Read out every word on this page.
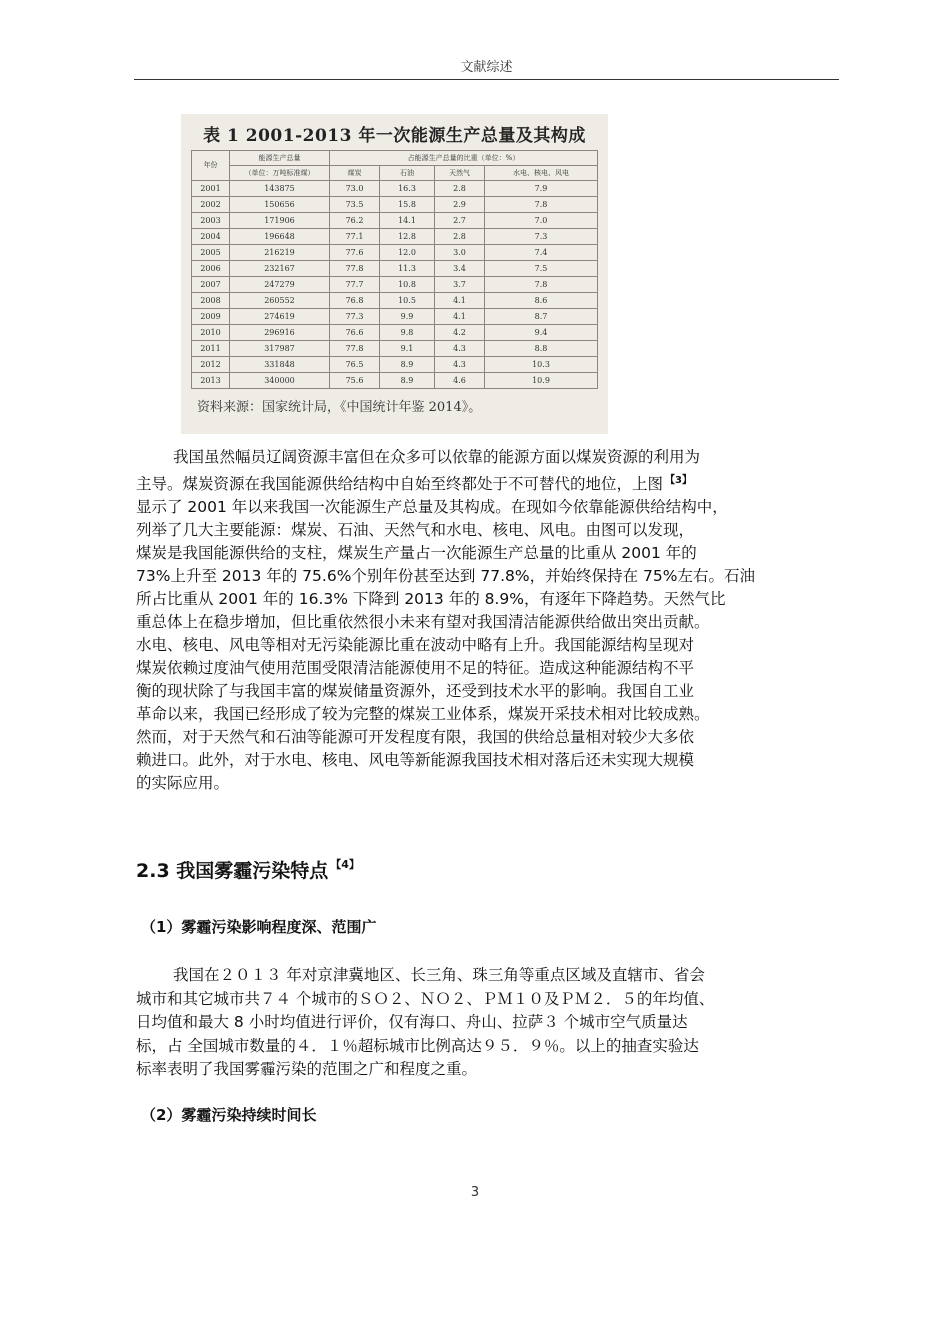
文献综述
表 1 2001-2013 年一次能源生产总量及其构成
年份	能源生产总量	占能源生产总量的比重（单位：%）			
	（单位：万吨标准煤）	煤炭	石油	天然气	水电、核电、风电
2001	143875	73.0	16.3	2.8	7.9
2002	150656	73.5	15.8	2.9	7.8
2003	171906	76.2	14.1	2.7	7.0
2004	196648	77.1	12.8	2.8	7.3
2005	216219	77.6	12.0	3.0	7.4
2006	232167	77.8	11.3	3.4	7.5
2007	247279	77.7	10.8	3.7	7.8
2008	260552	76.8	10.5	4.1	8.6
2009	274619	77.3	9.9	4.1	8.7
2010	296916	76.6	9.8	4.2	9.4
2011	317987	77.8	9.1	4.3	8.8
2012	331848	76.5	8.9	4.3	10.3
2013	340000	75.6	8.9	4.6	10.9
资料来源：国家统计局，《中国统计年鉴 2014》。
我国虽然幅员辽阔资源丰富但在众多可以依靠的能源方面以煤炭资源的利用为
主导。煤炭资源在我国能源供给结构中自始至终都处于不可替代的地位，上图 $^{【3】}$
显示了 2001 年以来我国一次能源生产总量及其构成。在现如今依靠能源供给结构中，
列举了几大主要能源：煤炭、石油、天然气和水电、核电、风电。由图可以发现，
煤炭是我国能源供给的支柱，煤炭生产量占一次能源生产总量的比重从 2001 年的
73%上升至 2013 年的 75.6%个别年份甚至达到 77.8%，并始终保持在 75%左右。石油
所占比重从 2001 年的 16.3% 下降到 2013 年的 8.9%，有逐年下降趋势。天然气比
重总体上在稳步增加，但比重依然很小未来有望对我国清洁能源供给做出突出贡献。
水电、核电、风电等相对无污染能源比重在波动中略有上升。我国能源结构呈现对
煤炭依赖过度油气使用范围受限清洁能源使用不足的特征。造成这种能源结构不平
衡的现状除了与我国丰富的煤炭储量资源外，还受到技术水平的影响。我国自工业
革命以来，我国已经形成了较为完整的煤炭工业体系，煤炭开采技术相对比较成熟。
然而，对于天然气和石油等能源可开发程度有限，我国的供给总量相对较少大多依
赖进口。此外，对于水电、核电、风电等新能源我国技术相对落后还未实现大规模
的实际应用。
2.3 我国雾霾污染特点 $^{【4】}$
（1）雾霾污染影响程度深、范围广
我国在２０１３ 年对京津冀地区、长三角、珠三角等重点区域及直辖市、省会
城市和其它城市共７４ 个城市的ＳＯ２、ＮＯ２、ＰＭ１０及ＰＭ２．５的年均值、
日均值和最大 8 小时均值进行评价，仅有海口、舟山、拉萨３ 个城市空气质量达
标，占 全国城市数量的４．１％超标城市比例高达９５．９％。以上的抽查实验达
标率表明了我国雾霾污染的范围之广和程度之重。
（2）雾霾污染持续时间长
3
